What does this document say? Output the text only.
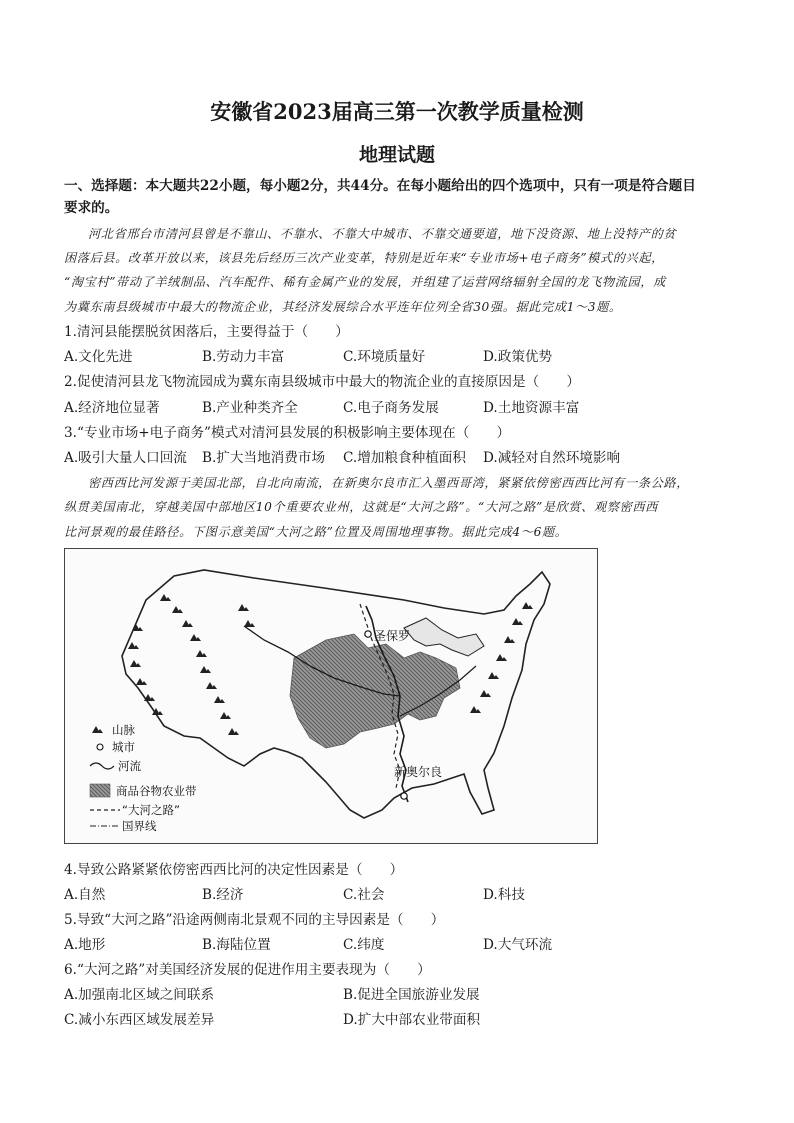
安徽省2023届高三第一次教学质量检测
地理试题
一、选择题：本大题共22小题，每小题2分，共44分。在每小题给出的四个选项中，只有一项是符合题目
要求的。
河北省邢台市清河县曾是不靠山、不靠水、不靠大中城市、不靠交通要道，地下没资源、地上没特产的贫
困落后县。改革开放以来，该县先后经历三次产业变革，特别是近年来“专业市场+电子商务”模式的兴起，
“淘宝村”带动了羊绒制品、汽车配件、稀有金属产业的发展，并组建了运营网络辐射全国的龙飞物流园，成
为冀东南县级城市中最大的物流企业，其经济发展综合水平连年位列全省30强。据此完成1～3题。
1.清河县能摆脱贫困落后，主要得益于（　　）
A.文化先进	B.劳动力丰富	C.环境质量好	D.政策优势
2.促使清河县龙飞物流园成为冀东南县级城市中最大的物流企业的直接原因是（　　）
A.经济地位显著	B.产业种类齐全	C.电子商务发展	D.土地资源丰富
3.“专业市场+电子商务”模式对清河县发展的积极影响主要体现在（　　）
A.吸引大量人口回流 B.扩大当地消费市场 C.增加粮食种植面积 D.减轻对自然环境影响
密西西比河发源于美国北部，自北向南流，在新奥尔良市汇入墨西哥湾，紧紧依傍密西西比河有一条公路，
纵贯美国南北，穿越美国中部地区10个重要农业州，这就是“大河之路”。“大河之路”是欣赏、观察密西西
比河景观的最佳路径。下图示意美国“大河之路”位置及周围地理事物。据此完成4～6题。
圣保罗
新奥尔良
山脉
城市
河流
商品谷物农业带
“大河之路”
国界线
4.导致公路紧紧依傍密西西比河的决定性因素是（　　）
A.自然	B.经济	C.社会	D.科技
5.导致“大河之路”沿途两侧南北景观不同的主导因素是（　　）
A.地形	B.海陆位置	C.纬度	D.大气环流
6.“大河之路”对美国经济发展的促进作用主要表现为（　　）
A.加强南北区域之间联系	B.促进全国旅游业发展
C.减小东西区域发展差异	D.扩大中部农业带面积
